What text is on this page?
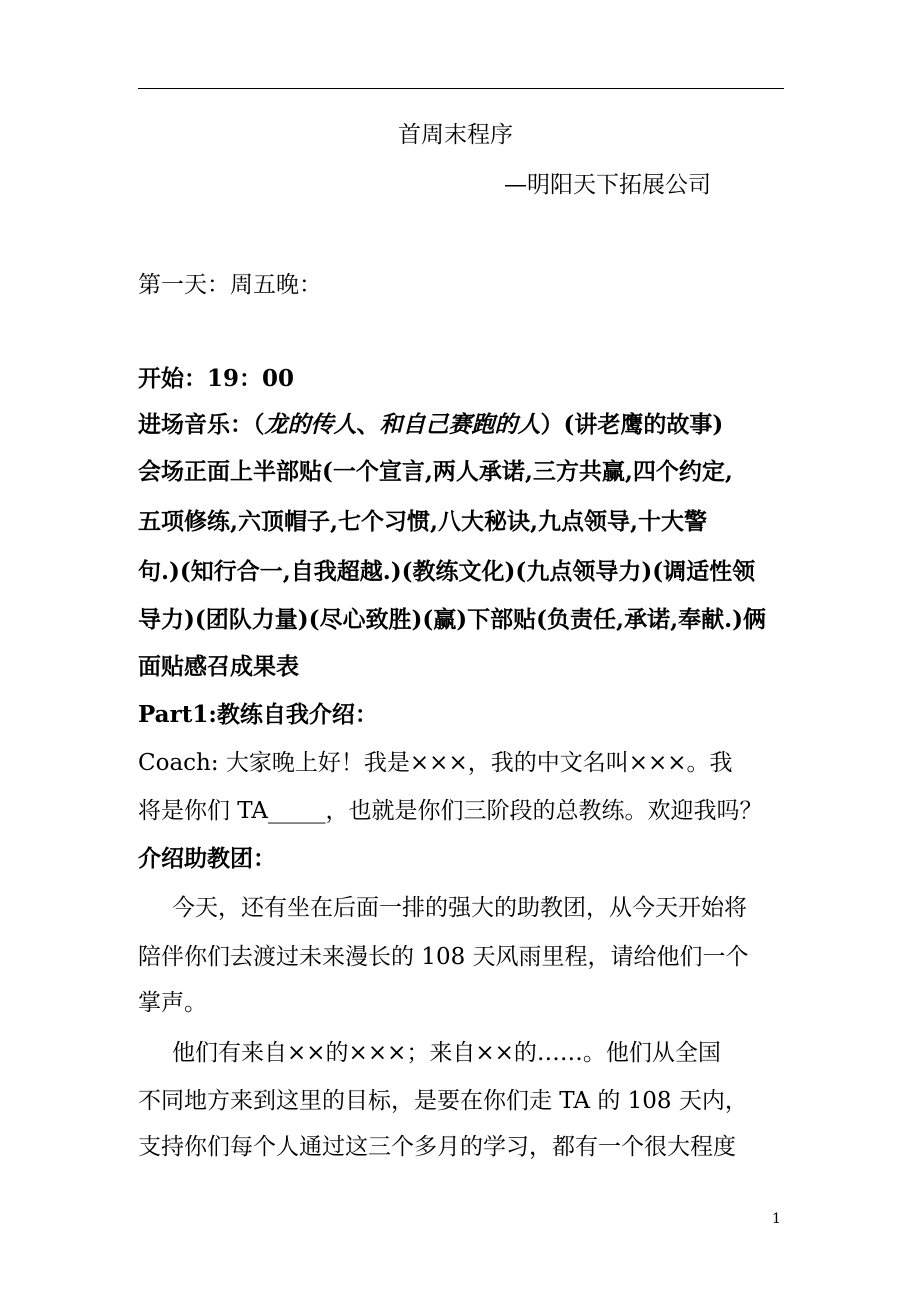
首周末程序
—明阳天下拓展公司
第一天：周五晚：
开始：19：00
进场音乐：（龙的传人、和自己赛跑的人）(讲老鹰的故事)
会场正面上半部贴(一个宣言,两人承诺,三方共赢,四个约定,
五项修练,六顶帽子,七个习惯,八大秘诀,九点领导,十大警
句.)(知行合一,自我超越.)(教练文化)(九点领导力)(调适性领
导力)(团队力量)(尽心致胜)(赢)下部贴(负责任,承诺,奉献.)俩
面贴感召成果表
Part1:教练自我介绍：
Coach: 大家晚上好！我是×××，我的中文名叫×××。我
将是你们 TA_____，也就是你们三阶段的总教练。欢迎我吗？
介绍助教团：
今天，还有坐在后面一排的强大的助教团，从今天开始将
陪伴你们去渡过未来漫长的 108 天风雨里程，请给他们一个
掌声。
他们有来自××的×××；来自××的……。他们从全国
不同地方来到这里的目标，是要在你们走 TA 的 108 天内，
支持你们每个人通过这三个多月的学习，都有一个很大程度
1
